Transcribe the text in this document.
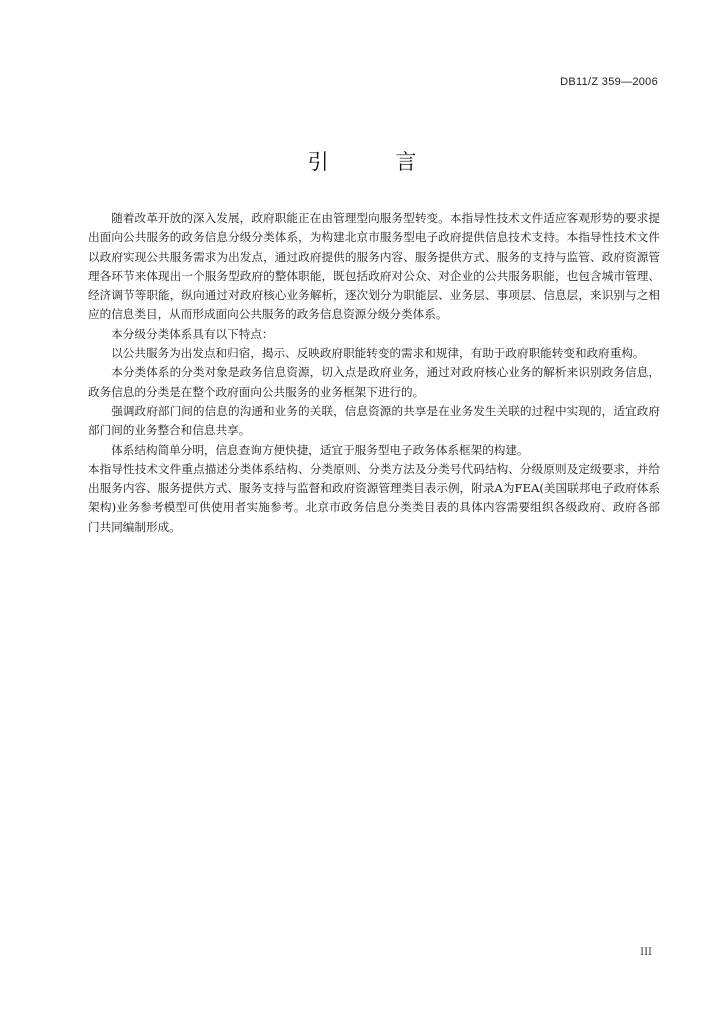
DB11/Z 359—2006
引 言

随着改革开放的深入发展，政府职能正在由管理型向服务型转变。本指导性技术文件适应客观形势的要求提出面向公共服务的政务信息分级分类体系，为构建北京市服务型电子政府提供信息技术支持。本指导性技术文件以政府实现公共服务需求为出发点，通过政府提供的服务内容、服务提供方式、服务的支持与监管、政府资源管理各环节来体现出一个服务型政府的整体职能，既包括政府对公众、对企业的公共服务职能，也包含城市管理、经济调节等职能，纵向通过对政府核心业务解析，逐次划分为职能层、业务层、事项层、信息层，来识别与之相应的信息类目，从而形成面向公共服务的政务信息资源分级分类体系。

本分级分类体系具有以下特点：

以公共服务为出发点和归宿，揭示、反映政府职能转变的需求和规律，有助于政府职能转变和政府重构。

本分类体系的分类对象是政务信息资源，切入点是政府业务，通过对政府核心业务的解析来识别政务信息，政务信息的分类是在整个政府面向公共服务的业务框架下进行的。

强调政府部门间的信息的沟通和业务的关联，信息资源的共享是在业务发生关联的过程中实现的，适宜政府部门间的业务整合和信息共享。

体系结构简单分明，信息查询方便快捷，适宜于服务型电子政务体系框架的构建。

本指导性技术文件重点描述分类体系结构、分类原则、分类方法及分类号代码结构、分级原则及定级要求，并给出服务内容、服务提供方式、服务支持与监督和政府资源管理类目表示例，附录A为FEA(美国联邦电子政府体系架构)业务参考模型可供使用者实施参考。北京市政务信息分类类目表的具体内容需要组织各级政府、政府各部门共同编制形成。

III
